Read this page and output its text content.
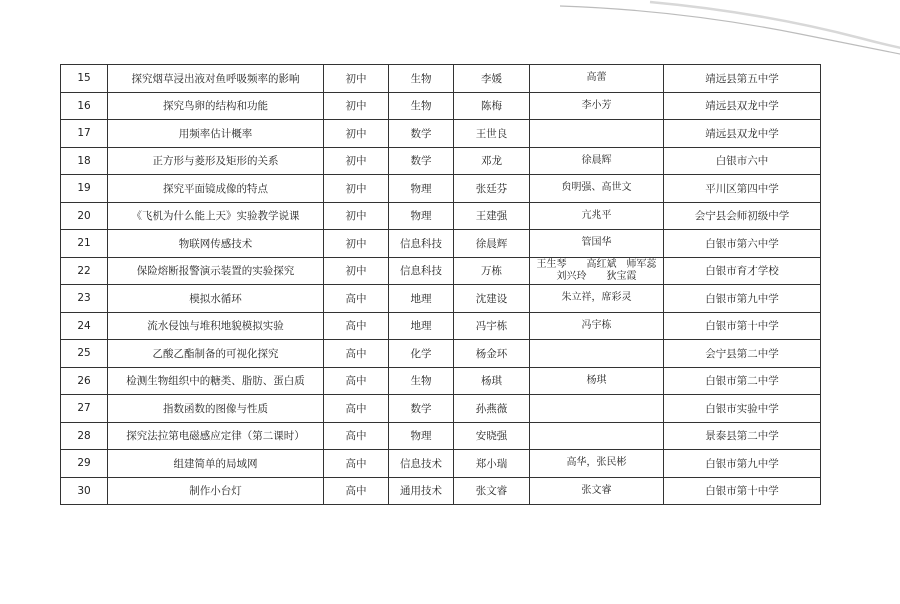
15	探究烟草浸出液对鱼呼吸频率的影响	初中	生物	李媛	高蕾	靖远县第五中学
16	探究鸟卵的结构和功能	初中	生物	陈梅	李小芳	靖远县双龙中学
17	用频率估计概率	初中	数学	王世良		靖远县双龙中学
18	正方形与菱形及矩形的关系	初中	数学	邓龙	徐晨辉	白银市六中
19	探究平面镜成像的特点	初中	物理	张廷芬	贠明强、高世文	平川区第四中学
20	《飞机为什么能上天》实验教学说课	初中	物理	王建强	亢兆平	会宁县会师初级中学
21	物联网传感技术	初中	信息科技	徐晨辉	管国华	白银市第六中学
22	保险熔断报警演示装置的实验探究	初中	信息科技	万栋	王生琴　　高红斌　师军蕊
刘兴玲　　狄宝霞	白银市育才学校
23	模拟水循环	高中	地理	沈建设	朱立祥，席彩灵	白银市第九中学
24	流水侵蚀与堆积地貌模拟实验	高中	地理	冯宇栋	冯宇栋	白银市第十中学
25	乙酸乙酯制备的可视化探究	高中	化学	杨金环		会宁县第二中学
26	检测生物组织中的糖类、脂肪、蛋白质	高中	生物	杨琪	杨琪	白银市第二中学
27	指数函数的图像与性质	高中	数学	孙燕薇		白银市实验中学
28	探究法拉第电磁感应定律（第二课时）	高中	物理	安晓强		景泰县第二中学
29	组建简单的局域网	高中	信息技术	郑小瑞	高华，张民彬	白银市第九中学
30	制作小台灯	高中	通用技术	张文睿	张文睿	白银市第十中学
